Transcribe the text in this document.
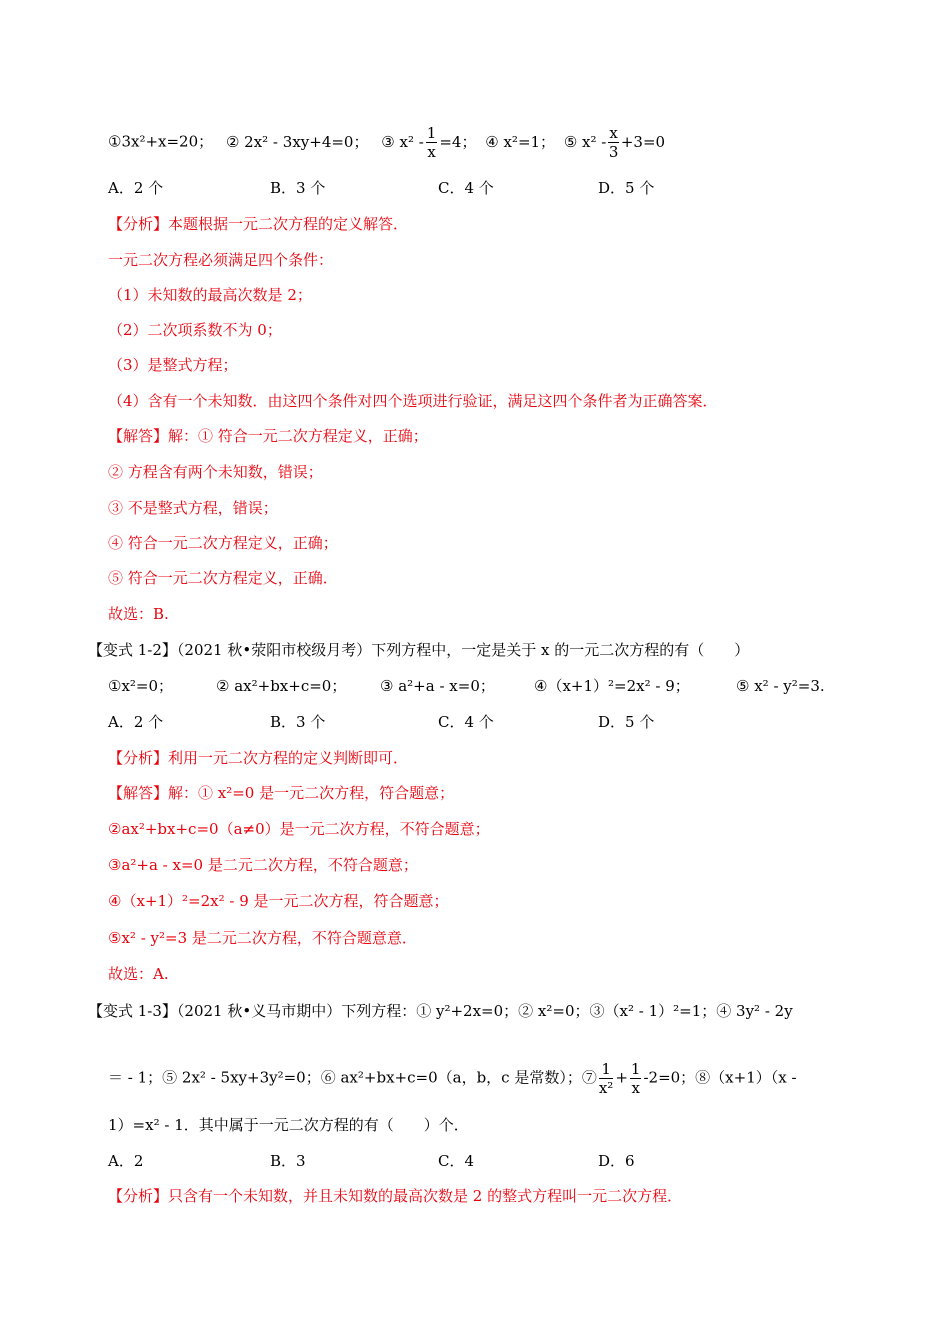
①3x²+x=20； ② 2x² - 3xy+4=0； ③ $x^2 - \frac{1}{x} =4$； ④ x²=1； ⑤ $x^2 - \frac{x}{3} +3=0$
A．2 个	B．3 个	C．4 个	D．5 个
【分析】本题根据一元二次方程的定义解答．
一元二次方程必须满足四个条件：
（1）未知数的最高次数是 2；
（2）二次项系数不为 0；
（3）是整式方程；
（4）含有一个未知数．由这四个条件对四个选项进行验证，满足这四个条件者为正确答案．
【解答】解：① 符合一元二次方程定义，正确；
② 方程含有两个未知数，错误；
③ 不是整式方程，错误；
④ 符合一元二次方程定义，正确；
⑤ 符合一元二次方程定义，正确．
故选：B.
【变式 1-2】（2021 秋•荥阳市校级月考）下列方程中，一定是关于 x 的一元二次方程的有（　　）
①x²=0；	② ax²+bx+c=0； ③ a²+a - x=0；	④（x+1）²=2x² - 9；	⑤ x² - y²=3.
A．2 个	B．3 个	C．4 个	D．5 个
【分析】利用一元二次方程的定义判断即可．
【解答】解：① x²=0 是一元二次方程，符合题意；
②ax²+bx+c=0（a≠0）是一元二次方程，不符合题意；
③a²+a - x=0 是二元二次方程，不符合题意；
④（x+1）²=2x² - 9 是一元二次方程，符合题意；
⑤x² - y²=3 是二元二次方程，不符合题意意．
故选：A.
【变式 1-3】（2021 秋•义马市期中）下列方程：① y²+2x=0；② x²=0；③（x² - 1）²=1；④ 3y² - 2y
＝ - 1；⑤ 2x² - 5xy+3y²=0；⑥ ax²+bx+c=0（a，b，c 是常数）；⑦ $\frac{1}{\text{x²}} + \frac{1}{x} -2=0$；⑧（x+1）（x -
1）=x² - 1．其中属于一元二次方程的有（　　）个．
A．2	B．3	C．4	D．6
【分析】只含有一个未知数，并且未知数的最高次数是 2 的整式方程叫一元二次方程．
